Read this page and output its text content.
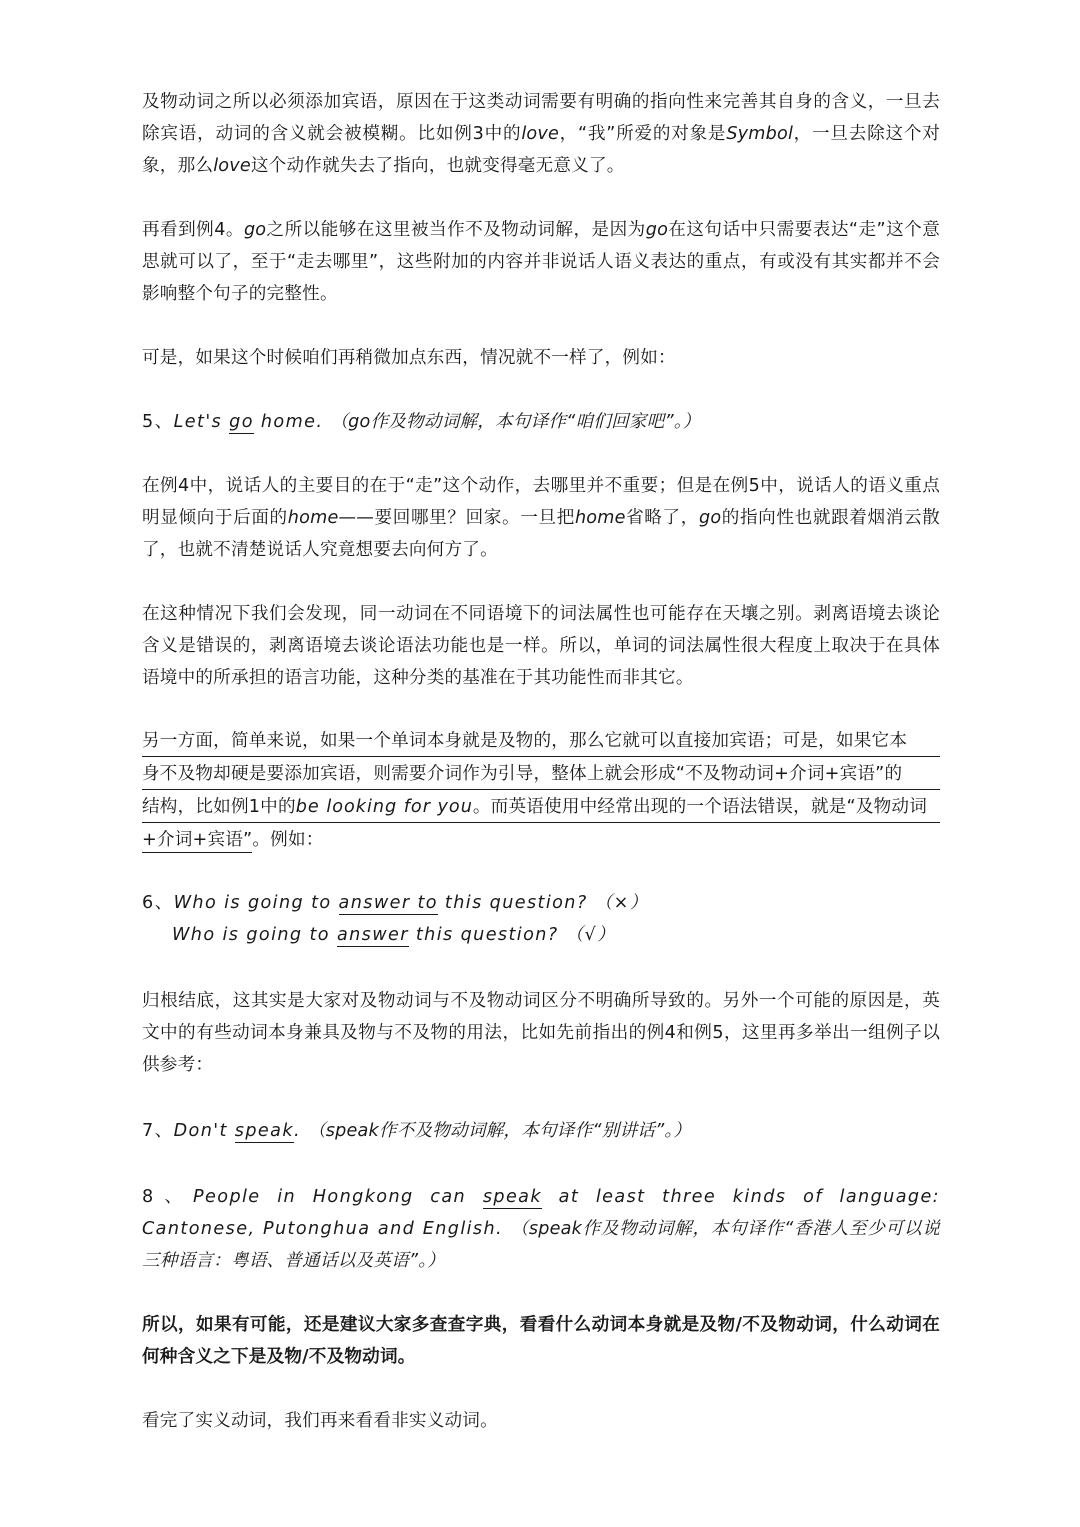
及物动词之所以必须添加宾语，原因在于这类动词需要有明确的指向性来完善其自身的含义，一旦去除宾语，动词的含义就会被模糊。比如例3中的love，“我”所爱的对象是Symbol，一旦去除这个对象，那么love这个动作就失去了指向，也就变得毫无意义了。

再看到例4。go之所以能够在这里被当作不及物动词解，是因为go在这句话中只需要表达“走”这个意思就可以了，至于“走去哪里”，这些附加的内容并非说话人语义表达的重点，有或没有其实都并不会影响整个句子的完整性。

可是，如果这个时候咱们再稍微加点东西，情况就不一样了，例如：

5、Let's go home. （go作及物动词解，本句译作“咱们回家吧”。）

在例4中，说话人的主要目的在于“走”这个动作，去哪里并不重要；但是在例5中，说话人的语义重点明显倾向于后面的home——要回哪里？回家。一旦把home省略了，go的指向性也就跟着烟消云散了，也就不清楚说话人究竟想要去向何方了。

在这种情况下我们会发现，同一动词在不同语境下的词法属性也可能存在天壤之别。剥离语境去谈论含义是错误的，剥离语境去谈论语法功能也是一样。所以，单词的词法属性很大程度上取决于在具体语境中的所承担的语言功能，这种分类的基准在于其功能性而非其它。

另一方面，简单来说，如果一个单词本身就是及物的，那么它就可以直接加宾语；可是，如果它本
身不及物却硬是要添加宾语，则需要介词作为引导，整体上就会形成“不及物动词+介词+宾语”的
结构，比如例1中的be looking for you。而英语使用中经常出现的一个语法错误，就是“及物动词
+介词+宾语”。例如：

6、Who is going to answer to this question? （×）

Who is going to answer this question? （√）

归根结底，这其实是大家对及物动词与不及物动词区分不明确所导致的。另外一个可能的原因是，英文中的有些动词本身兼具及物与不及物的用法，比如先前指出的例4和例5，这里再多举出一组例子以供参考：

7、Don't speak. （speak作不及物动词解，本句译作“别讲话”。）

8、People in Hongkong can speak at least three kinds of language: Cantonese, Putonghua and English. （speak作及物动词解，本句译作“香港人至少可以说三种语言：粤语、普通话以及英语”。）

所以，如果有可能，还是建议大家多查查字典，看看什么动词本身就是及物/不及物动词，什么动词在何种含义之下是及物/不及物动词。

看完了实义动词，我们再来看看非实义动词。
